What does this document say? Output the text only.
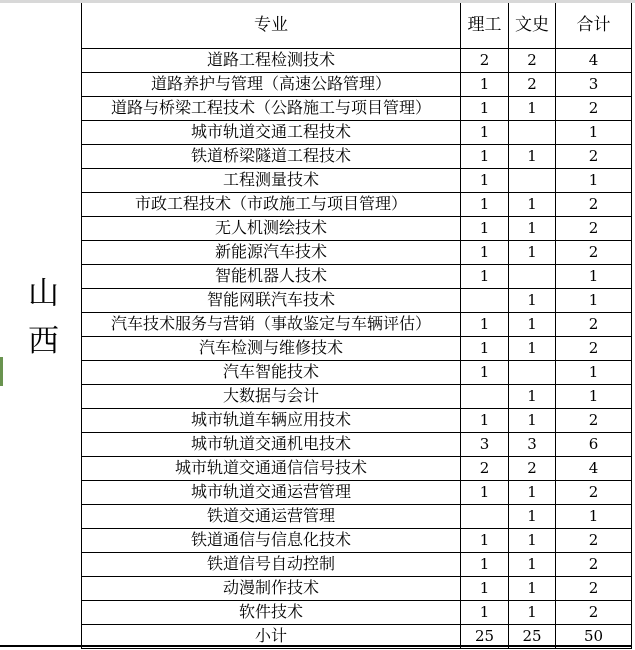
山西
专业	理工	文史	合计
道路工程检测技术	2	2	4
道路养护与管理（高速公路管理）	1	2	3
道路与桥梁工程技术（公路施工与项目管理）	1	1	2
城市轨道交通工程技术	1		1
铁道桥梁隧道工程技术	1	1	2
工程测量技术	1		1
市政工程技术（市政施工与项目管理）	1	1	2
无人机测绘技术	1	1	2
新能源汽车技术	1	1	2
智能机器人技术	1		1
智能网联汽车技术		1	1
汽车技术服务与营销（事故鉴定与车辆评估）	1	1	2
汽车检测与维修技术	1	1	2
汽车智能技术	1		1
大数据与会计		1	1
城市轨道车辆应用技术	1	1	2
城市轨道交通机电技术	3	3	6
城市轨道交通通信信号技术	2	2	4
城市轨道交通运营管理	1	1	2
铁道交通运营管理		1	1
铁道通信与信息化技术	1	1	2
铁道信号自动控制	1	1	2
动漫制作技术	1	1	2
软件技术	1	1	2
小计	25	25	50
